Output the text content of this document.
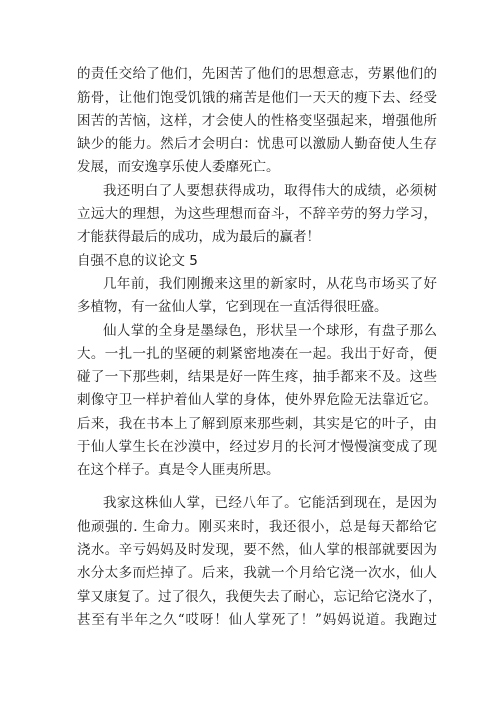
的责任交给了他们，先困苦了他们的思想意志，劳累他们的
筋骨，让他们饱受饥饿的痛苦是他们一天天的瘦下去、经受
困苦的苦恼，这样，才会使人的性格变坚强起来，增强他所
缺少的能力。然后才会明白：忧患可以激励人勤奋使人生存
发展，而安逸享乐使人委靡死亡。
我还明白了人要想获得成功，取得伟大的成绩，必须树
立远大的理想，为这些理想而奋斗，不辞辛劳的努力学习，
才能获得最后的成功，成为最后的赢者！
自强不息的议论文 5
几年前，我们刚搬来这里的新家时，从花鸟市场买了好
多植物，有一盆仙人掌，它到现在一直活得很旺盛。
仙人掌的全身是墨绿色，形状呈一个球形，有盘子那么
大。一扎一扎的坚硬的刺紧密地凑在一起。我出于好奇，便
碰了一下那些刺，结果是好一阵生疼，抽手都来不及。这些
刺像守卫一样护着仙人掌的身体，使外界危险无法靠近它。
后来，我在书本上了解到原来那些刺，其实是它的叶子，由
于仙人掌生长在沙漠中，经过岁月的长河才慢慢演变成了现
在这个样子。真是令人匪夷所思。
我家这株仙人掌，已经八年了。它能活到现在，是因为
他顽强的. 生命力。刚买来时，我还很小，总是每天都给它
浇水。辛亏妈妈及时发现，要不然，仙人掌的根部就要因为
水分太多而烂掉了。后来，我就一个月给它浇一次水，仙人
掌又康复了。过了很久，我便失去了耐心，忘记给它浇水了，
甚至有半年之久“哎呀！仙人掌死了！”妈妈说道。我跑过
